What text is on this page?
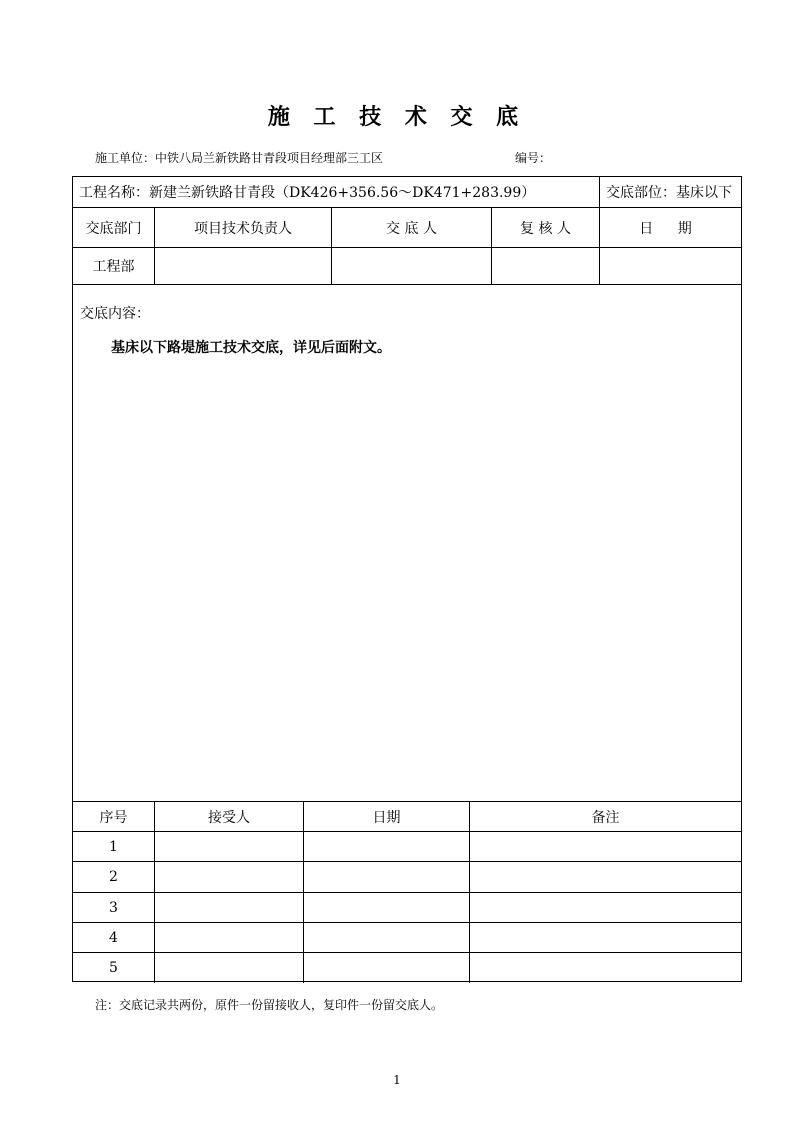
施 工 技 术 交 底
施工单位：中铁八局兰新铁路甘青段项目经理部三工区	编号：
工程名称： 新建兰新铁路甘青段（DK426+356.56～DK471+283.99）	交底部位： 基床以下
交底部门	项目技术负责人	交 底 人	复 核 人	日 期
工程部
交底内容：
基床以下路堤施工技术交底，详见后面附文。
序号	接受人	日期	备注
1
2
3
4
5
注：交底记录共两份，原件一份留接收人，复印件一份留交底人。
1
